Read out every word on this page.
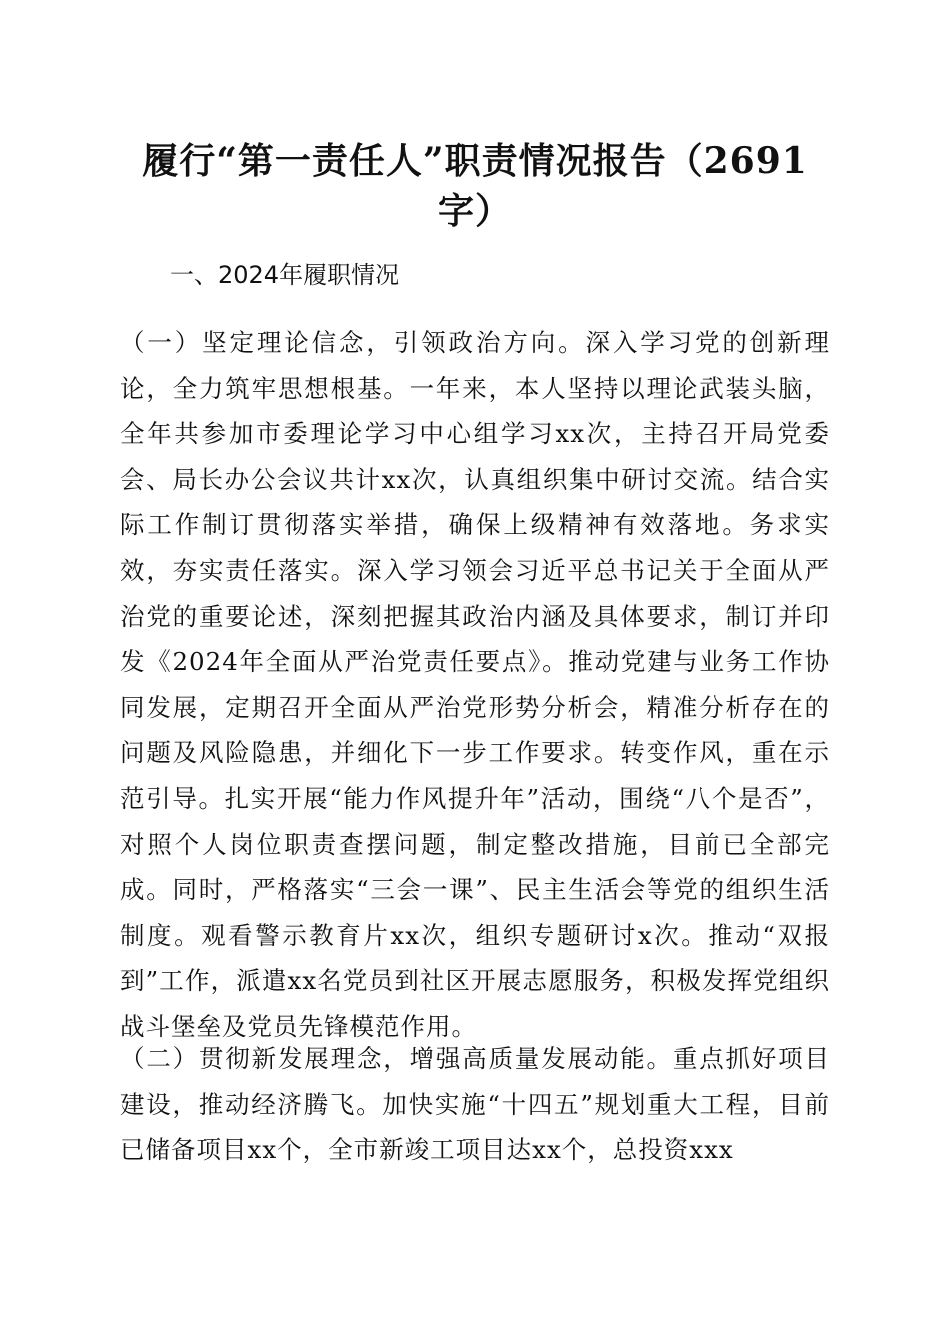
履行“第一责任人”职责情况报告（2691字）
一、2024年履职情况
（一）坚定理论信念，引领政治方向。深入学习党的创新理论，全力筑牢思想根基。一年来，本人坚持以理论武装头脑，全年共参加市委理论学习中心组学习xx次，主持召开局党委会、局长办公会议共计xx次，认真组织集中研讨交流。结合实际工作制订贯彻落实举措，确保上级精神有效落地。务求实效，夯实责任落实。深入学习领会习近平总书记关于全面从严治党的重要论述，深刻把握其政治内涵及具体要求，制订并印发《2024年全面从严治党责任要点》。推动党建与业务工作协同发展，定期召开全面从严治党形势分析会，精准分析存在的问题及风险隐患，并细化下一步工作要求。转变作风，重在示范引导。扎实开展“能力作风提升年”活动，围绕“八个是否”，对照个人岗位职责查摆问题，制定整改措施，目前已全部完成。同时，严格落实“三会一课”、民主生活会等党的组织生活制度。观看警示教育片xx次，组织专题研讨x次。推动“双报到”工作，派遣xx名党员到社区开展志愿服务，积极发挥党组织战斗堡垒及党员先锋模范作用。
（二）贯彻新发展理念，增强高质量发展动能。重点抓好项目建设，推动经济腾飞。加快实施“十四五”规划重大工程，目前已储备项目xx个，全市新竣工项目达xx个，总投资xxx
